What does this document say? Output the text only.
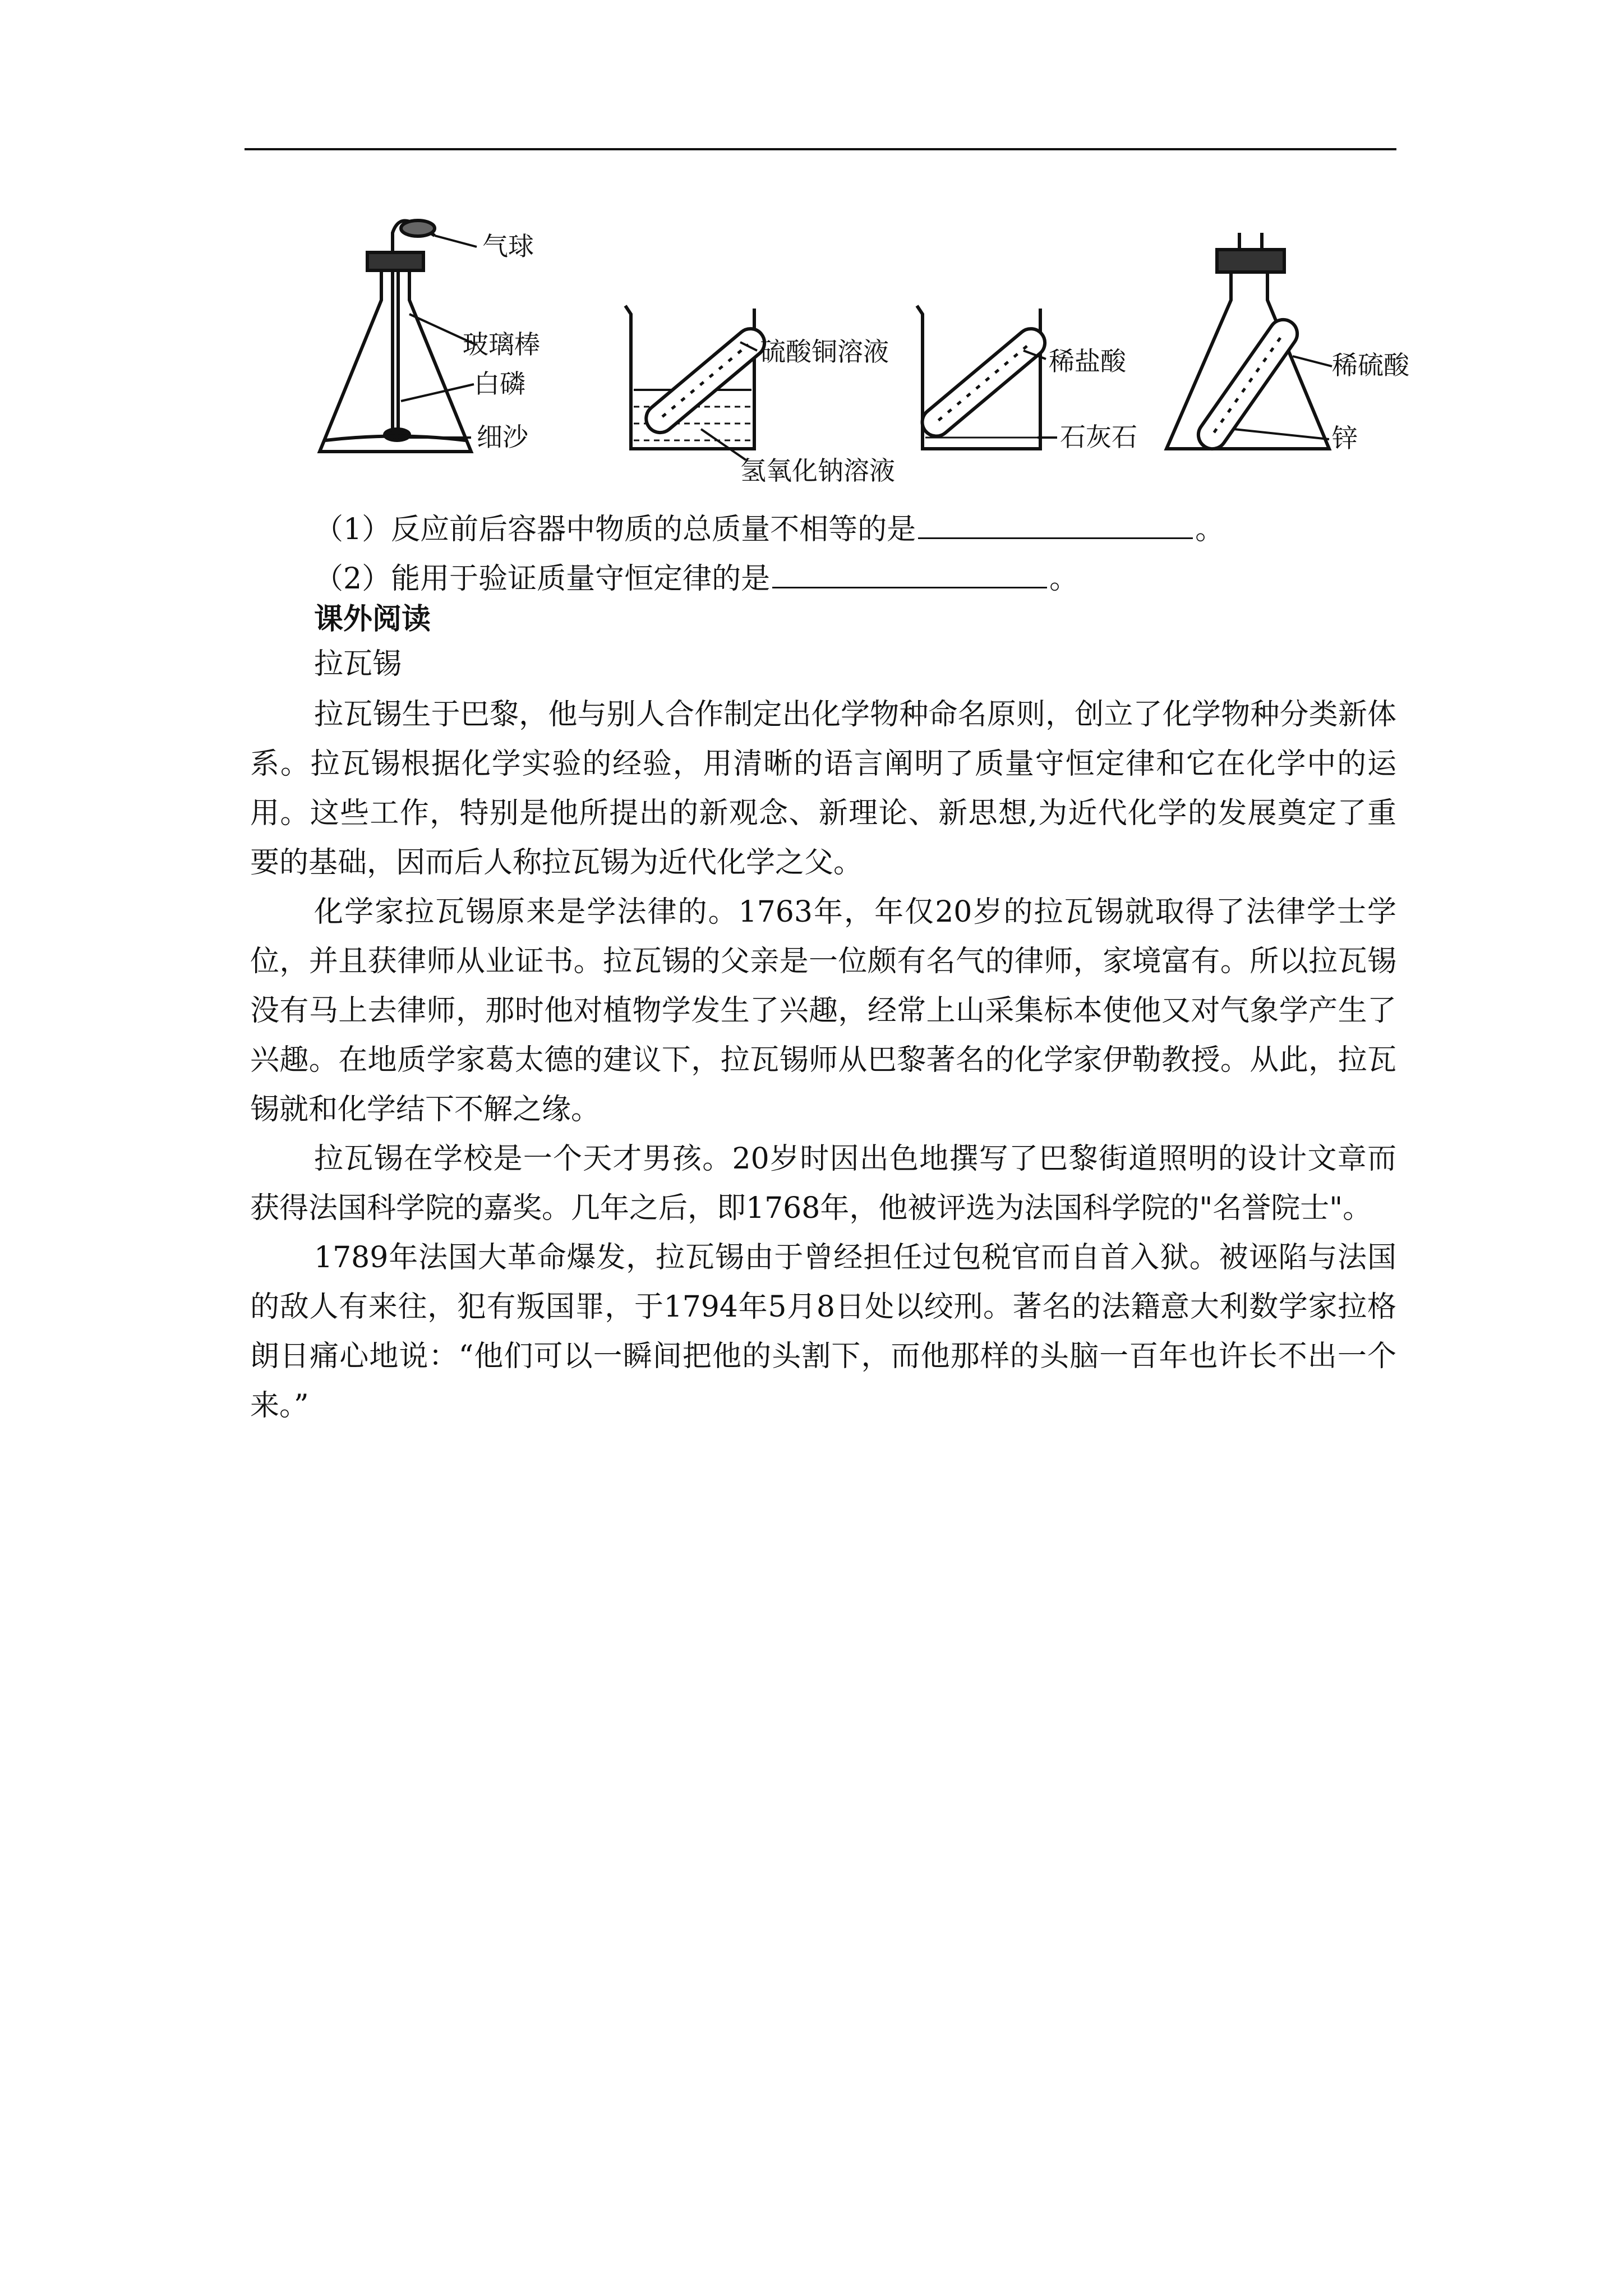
气球
玻璃棒
白磷
细沙
硫酸铜溶液
氢氧化钠溶液
稀盐酸
石灰石
稀硫酸
锌
（1）反应前后容器中物质的总质量不相等的是	。
（2）能用于验证质量守恒定律的是	。
课外阅读
拉瓦锡

拉瓦锡生于巴黎，他与别人合作制定出化学物种命名原则，创立了化学物种分类新体系。拉瓦锡根据化学实验的经验，用清晰的语言阐明了质量守恒定律和它在化学中的运用。这些工作，特别是他所提出的新观念、新理论、新思想,为近代化学的发展奠定了重要的基础，因而后人称拉瓦锡为近代化学之父。

化学家拉瓦锡原来是学法律的。1763年，年仅20岁的拉瓦锡就取得了法律学士学位，并且获律师从业证书。拉瓦锡的父亲是一位颇有名气的律师，家境富有。所以拉瓦锡没有马上去律师，那时他对植物学发生了兴趣，经常上山采集标本使他又对气象学产生了兴趣。在地质学家葛太德的建议下，拉瓦锡师从巴黎著名的化学家伊勒教授。从此，拉瓦锡就和化学结下不解之缘。

拉瓦锡在学校是一个天才男孩。20岁时因出色地撰写了巴黎街道照明的设计文章而获得法国科学院的嘉奖。几年之后，即1768年，他被评选为法国科学院的"名誉院士"。

1789年法国大革命爆发，拉瓦锡由于曾经担任过包税官而自首入狱。被诬陷与法国的敌人有来往，犯有叛国罪，于1794年5月8日处以绞刑。著名的法籍意大利数学家拉格朗日痛心地说：“他们可以一瞬间把他的头割下，而他那样的头脑一百年也许长不出一个来。”
